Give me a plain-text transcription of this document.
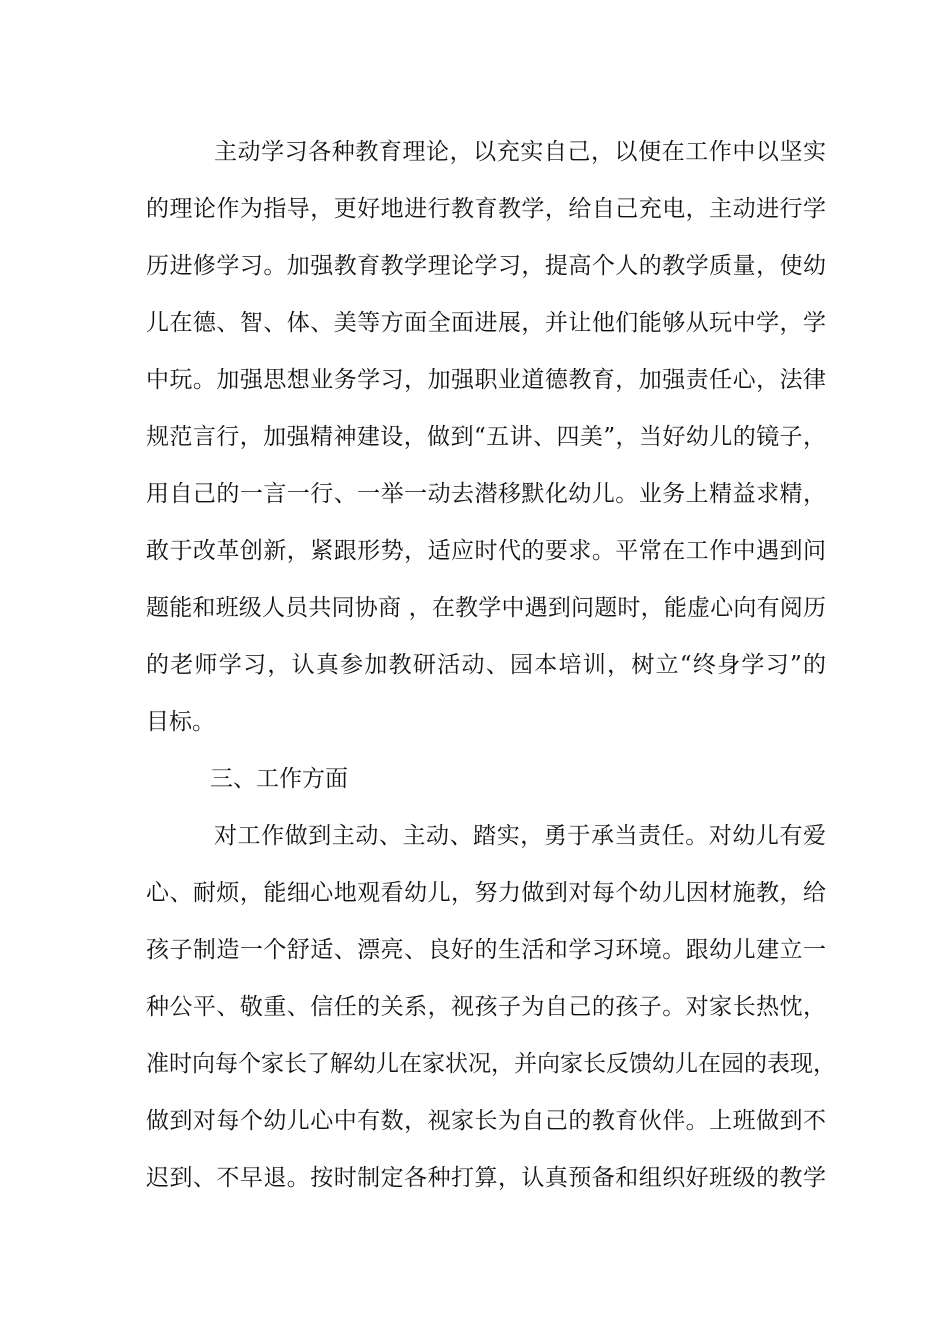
主动学习各种教育理论，以充实自己，以便在工作中以坚实

的理论作为指导，更好地进行教育教学，给自己充电，主动进行学

历进修学习。加强教育教学理论学习，提高个人的教学质量，使幼

儿在德、智、体、美等方面全面进展，并让他们能够从玩中学，学

中玩。加强思想业务学习，加强职业道德教育，加强责任心，法律

规范言行，加强精神建设，做到“五讲、四美”，当好幼儿的镜子，

用自己的一言一行、一举一动去潜移默化幼儿。业务上精益求精，

敢于改革创新，紧跟形势，适应时代的要求。平常在工作中遇到问

题能和班级人员共同协商 ，在教学中遇到问题时，能虚心向有阅历

的老师学习，认真参加教研活动、园本培训，树立“终身学习”的

目标。

三、工作方面

对工作做到主动、主动、踏实，勇于承当责任。对幼儿有爱

心、耐烦，能细心地观看幼儿，努力做到对每个幼儿因材施教，给

孩子制造一个舒适、漂亮、良好的生活和学习环境。跟幼儿建立一

种公平、敬重、信任的关系，视孩子为自己的孩子。对家长热忱，

准时向每个家长了解幼儿在家状况，并向家长反馈幼儿在园的表现，

做到对每个幼儿心中有数，视家长为自己的教育伙伴。上班做到不

迟到、不早退。按时制定各种打算，认真预备和组织好班级的教学
